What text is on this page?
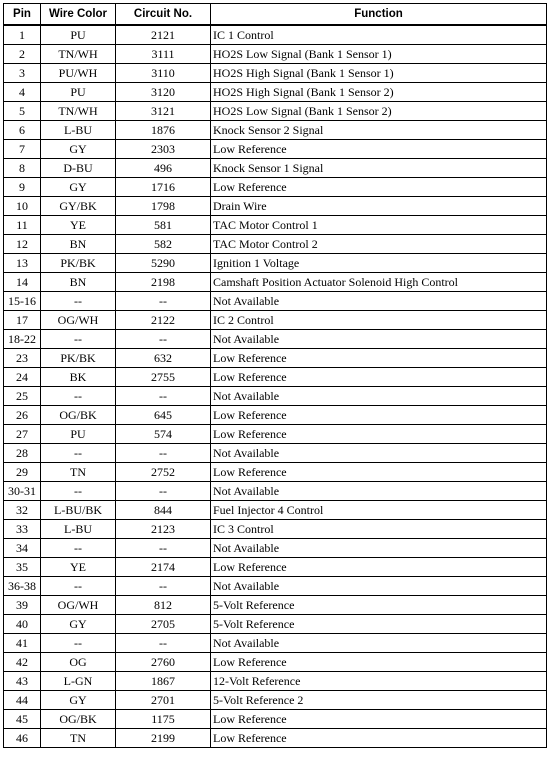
Pin	Wire Color	Circuit No.	Function
1	PU	2121	IC 1 Control
2	TN/WH	3111	HO2S Low Signal (Bank 1 Sensor 1)
3	PU/WH	3110	HO2S High Signal (Bank 1 Sensor 1)
4	PU	3120	HO2S High Signal (Bank 1 Sensor 2)
5	TN/WH	3121	HO2S Low Signal (Bank 1 Sensor 2)
6	L-BU	1876	Knock Sensor 2 Signal
7	GY	2303	Low Reference
8	D-BU	496	Knock Sensor 1 Signal
9	GY	1716	Low Reference
10	GY/BK	1798	Drain Wire
11	YE	581	TAC Motor Control 1
12	BN	582	TAC Motor Control 2
13	PK/BK	5290	Ignition 1 Voltage
14	BN	2198	Camshaft Position Actuator Solenoid High Control
15-16	--	--	Not Available
17	OG/WH	2122	IC 2 Control
18-22	--	--	Not Available
23	PK/BK	632	Low Reference
24	BK	2755	Low Reference
25	--	--	Not Available
26	OG/BK	645	Low Reference
27	PU	574	Low Reference
28	--	--	Not Available
29	TN	2752	Low Reference
30-31	--	--	Not Available
32	L-BU/BK	844	Fuel Injector 4 Control
33	L-BU	2123	IC 3 Control
34	--	--	Not Available
35	YE	2174	Low Reference
36-38	--	--	Not Available
39	OG/WH	812	5-Volt Reference
40	GY	2705	5-Volt Reference
41	--	--	Not Available
42	OG	2760	Low Reference
43	L-GN	1867	12-Volt Reference
44	GY	2701	5-Volt Reference 2
45	OG/BK	1175	Low Reference
46	TN	2199	Low Reference
